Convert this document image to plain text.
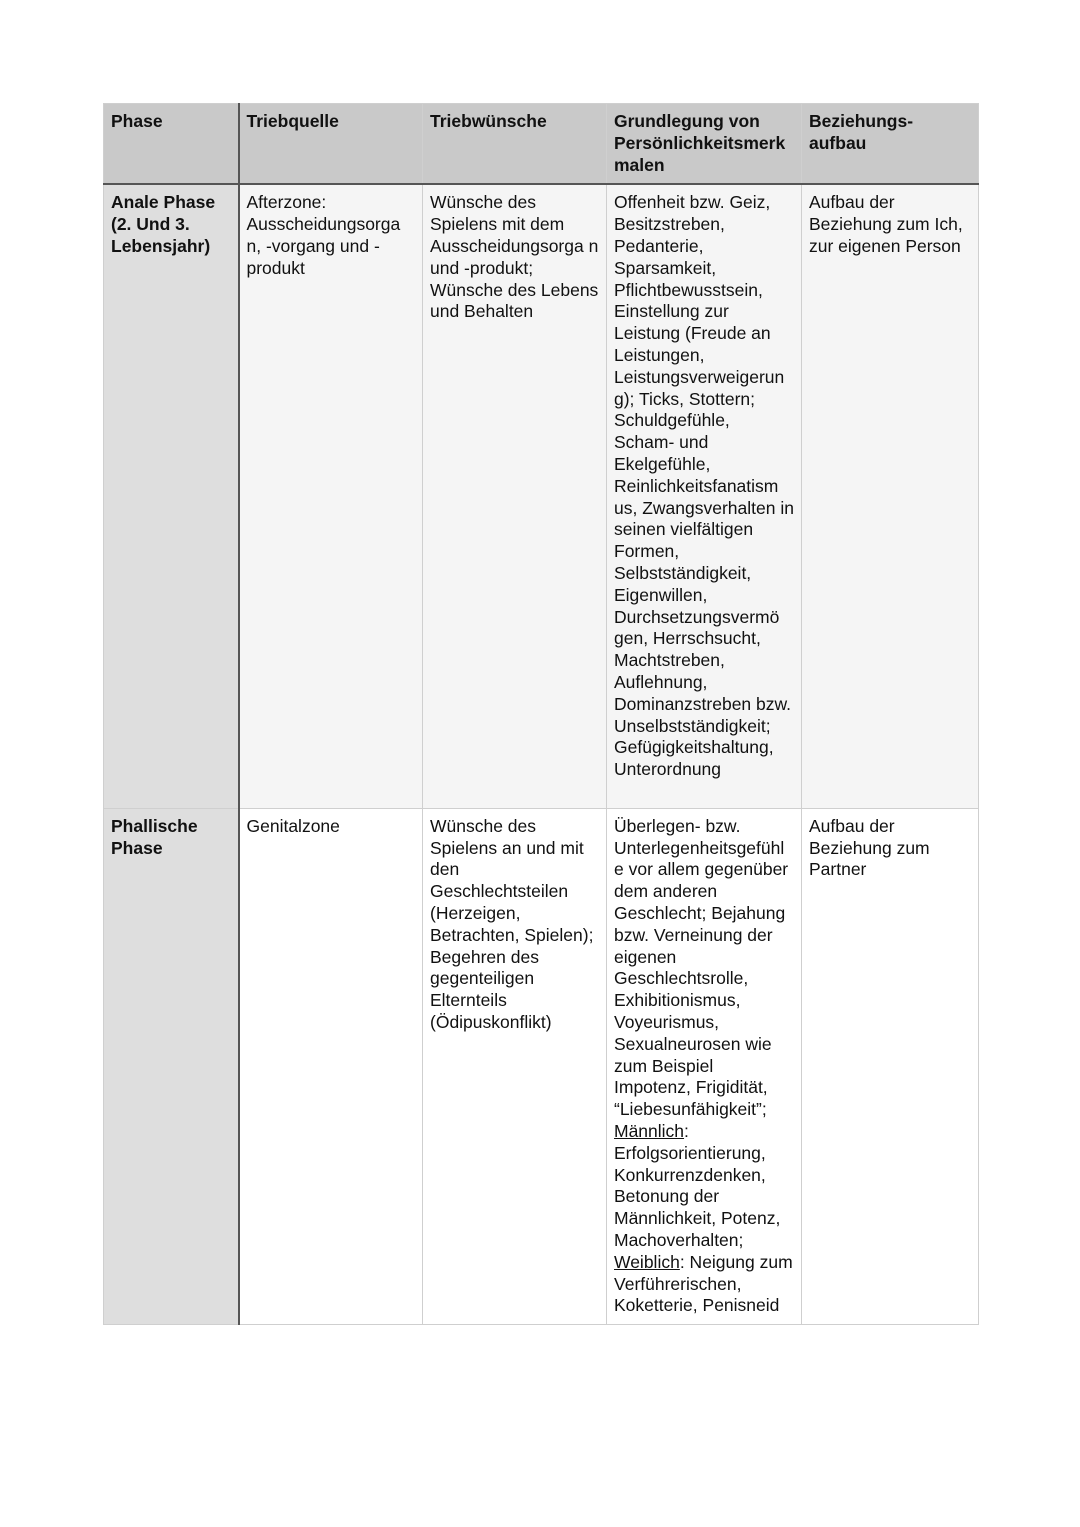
Phase	Triebquelle	Triebwünsche	Grundlegung von Persönlichkeitsmerk malen	Beziehungs- aufbau
Anale Phase (2. Und 3. Lebensjahr)	Afterzone: Ausscheidungsorga n, -vorgang und -produkt	Wünsche des Spielens mit dem Ausscheidungsorga n und -produkt; Wünsche des Lebens und Behalten	Offenheit bzw. Geiz, Besitzstreben, Pedanterie, Sparsamkeit, Pflichtbewusstsein, Einstellung zur Leistung (Freude an Leistungen, Leistungsverweigerun g); Ticks, Stottern; Schuldgefühle, Scham- und Ekelgefühle, Reinlichkeitsfanatism us, Zwangsverhalten in seinen vielfältigen Formen, Selbstständigkeit, Eigenwillen, Durchsetzungsvermö gen, Herrschsucht, Machtstreben, Auflehnung, Dominanzstreben bzw. Unselbstständigkeit; Gefügigkeitshaltung, Unterordnung	Aufbau der Beziehung zum Ich, zur eigenen Person
Phallische Phase	Genitalzone	Wünsche des Spielens an und mit den Geschlechtsteilen (Herzeigen, Betrachten, Spielen); Begehren des gegenteiligen Elternteils (Ödipuskonflikt)	Überlegen- bzw. Unterlegenheitsgefühl e vor allem gegenüber dem anderen Geschlecht; Bejahung bzw. Verneinung der eigenen Geschlechtsrolle, Exhibitionismus, Voyeurismus, Sexualneurosen wie zum Beispiel Impotenz, Frigidität, “Liebesunfähigkeit”; Männlich: Erfolgsorientierung, Konkurrenzdenken, Betonung der Männlichkeit, Potenz, Machoverhalten; Weiblich: Neigung zum Verführerischen, Koketterie, Penisneid	Aufbau der Beziehung zum Partner
